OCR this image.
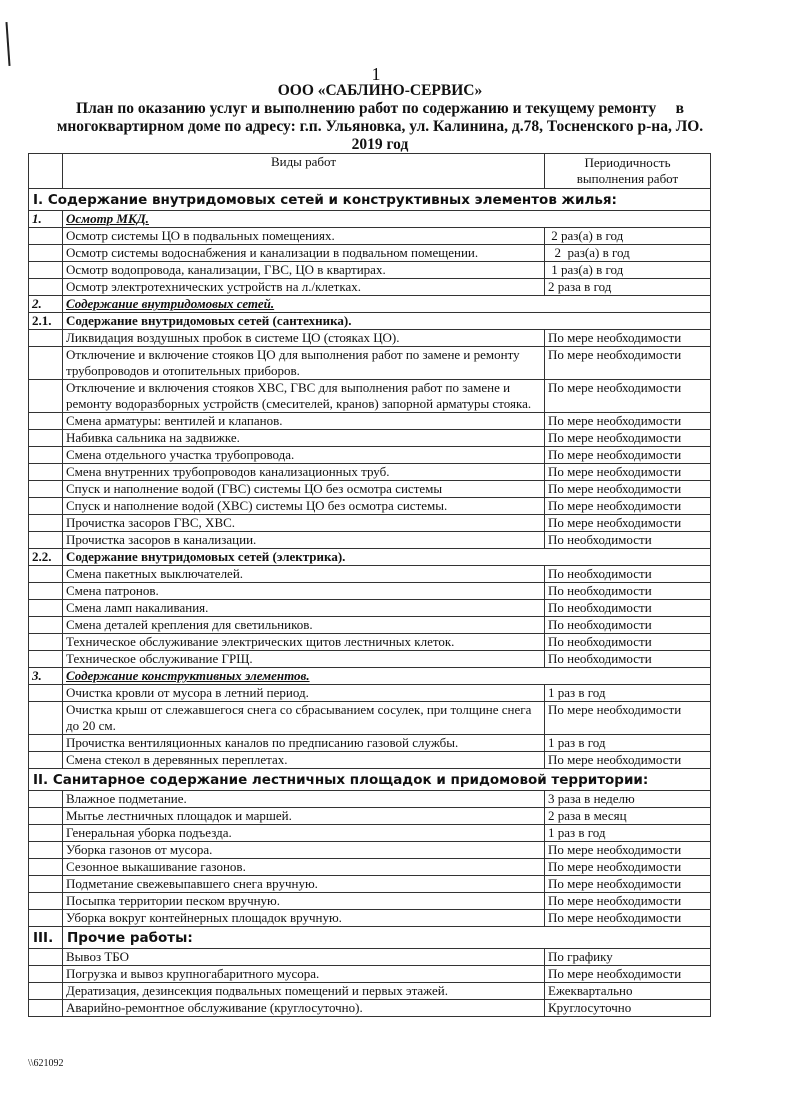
1
ООО «САБЛИНО-СЕРВИС»
План по оказанию услуг и выполнению работ по содержанию и текущему ремонту     в
многоквартирном доме по адресу: г.п. Ульяновка, ул. Калинина, д.78, Тосненского р-на, ЛО.
2019 год
	Виды работ	Периодичность
выполнения работ

I. Содержание внутридомовых сетей и конструктивных элементов жилья:		
1.	Осмотр МКД.	
	Осмотр системы ЦО в подвальных помещениях.	2 раз(а) в год
	Осмотр системы водоснабжения и канализации в подвальном помещении.	2  раз(а) в год
	Осмотр водопровода, канализации, ГВС, ЦО в квартирах.	1 раз(а) в год
	Осмотр электротехнических устройств на л./клетках.	2 раза в год
2.	Содержание внутридомовых сетей.	
2.1.	Содержание внутридомовых сетей (сантехника).	
	Ликвидация воздушных пробок в системе ЦО (стояках ЦО).	По мере необходимости
	Отключение и включение стояков ЦО для выполнения работ по замене и ремонту трубопроводов и отопительных приборов.	По мере необходимости
	Отключение и включения стояков ХВС, ГВС для выполнения работ по замене и ремонту водоразборных устройств (смесителей, кранов) запорной арматуры стояка.	По мере необходимости
	Смена арматуры: вентилей и клапанов.	По мере необходимости
	Набивка сальника на задвижке.	По мере необходимости
	Смена отдельного участка трубопровода.	По мере необходимости
	Смена внутренних трубопроводов канализационных труб.	По мере необходимости
	Спуск и наполнение водой (ГВС) системы ЦО без осмотра системы	По мере необходимости
	Спуск и наполнение водой (ХВС) системы ЦО без осмотра системы.	По мере необходимости
	Прочистка засоров ГВС, ХВС.	По мере необходимости
	Прочистка засоров в канализации.	По необходимости
2.2.	Содержание внутридомовых сетей (электрика).	
	Смена пакетных выключателей.	По необходимости
	Смена патронов.	По необходимости
	Смена ламп накаливания.	По необходимости
	Смена деталей крепления для светильников.	По необходимости
	Техническое обслуживание электрических щитов лестничных клеток.	По необходимости
	Техническое обслуживание ГРЩ.	По необходимости
3.	Содержание конструктивных элементов.	
	Очистка кровли от мусора в летний период.	1 раз в год
	Очистка крыш от слежавшегося снега со сбрасыванием сосулек, при толщине снега до 20 см.	По мере необходимости
	Прочистка вентиляционных каналов по предписанию газовой службы.	1 раз в год
	Смена стекол в деревянных переплетах.	По мере необходимости
II. Санитарное содержание лестничных площадок и придомовой территории:		
	Влажное подметание.	3 раза в неделю
	Мытье лестничных площадок и маршей.	2 раза в месяц
	Генеральная уборка подъезда.	1 раз в год
	Уборка газонов от мусора.	По мере необходимости
	Сезонное выкашивание газонов.	По мере необходимости
	Подметание свежевыпавшего снега вручную.	По мере необходимости
	Посыпка территории песком вручную.	По мере необходимости
	Уборка вокруг контейнерных площадок вручную.	По мере необходимости
III.	Прочие работы:	
	Вывоз ТБО	По графику
	Погрузка и вывоз крупногабаритного мусора.	По мере необходимости
	Дератизация, дезинсекция подвальных помещений и первых этажей.	Ежеквартально
	Аварийно-ремонтное обслуживание (круглосуточно).	Круглосуточно
\\621092
